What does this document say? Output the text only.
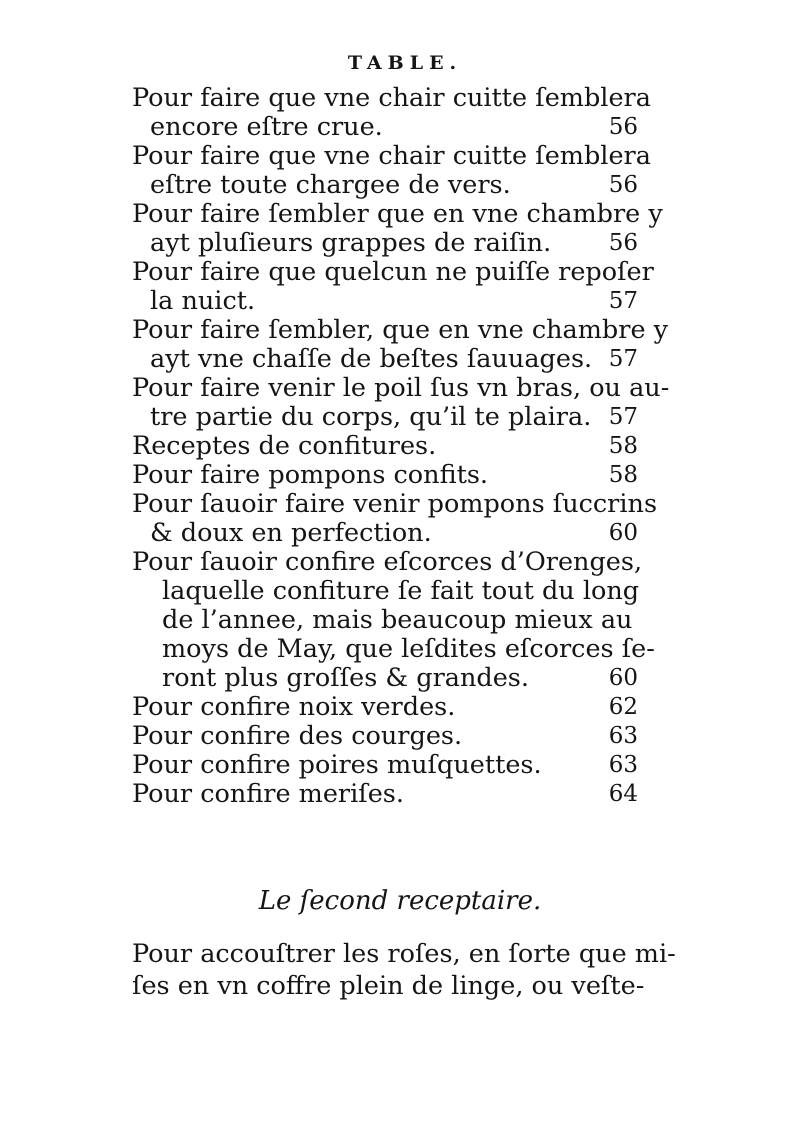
TABLE.
Pour faire que vne chair cuitte ſemblera
encore eſtre crue.	56
Pour faire que vne chair cuitte ſemblera
eſtre toute chargee de vers.	56
Pour faire ſembler que en vne chambre y
ayt pluſieurs grappes de raiſin.	56
Pour faire que quelcun ne puiſſe repoſer
la nuict.	57
Pour faire ſembler, que en vne chambre y
ayt vne chaſſe de beſtes ſauuages. 57
Pour faire venir le poil ſus vn bras, ou au-
tre partie du corps, qu’il te plaira. 57
Receptes de confitures.	58
Pour faire pompons confits.	58
Pour ſauoir faire venir pompons ſuccrins
& doux en perfection.	60
Pour ſauoir confire eſcorces d’Orenges,
laquelle confiture ſe fait tout du long
de l’annee, mais beaucoup mieux au
moys de May, que leſdites eſcorces ſe-
ront plus groſſes & grandes.	60
Pour confire noix verdes.	62
Pour confire des courges.	63
Pour confire poires muſquettes.	63
Pour confire meriſes.	64
Le ſecond receptaire.
Pour accouſtrer les roſes, en ſorte que mi-
ſes en vn coffre plein de linge, ou veſte-
